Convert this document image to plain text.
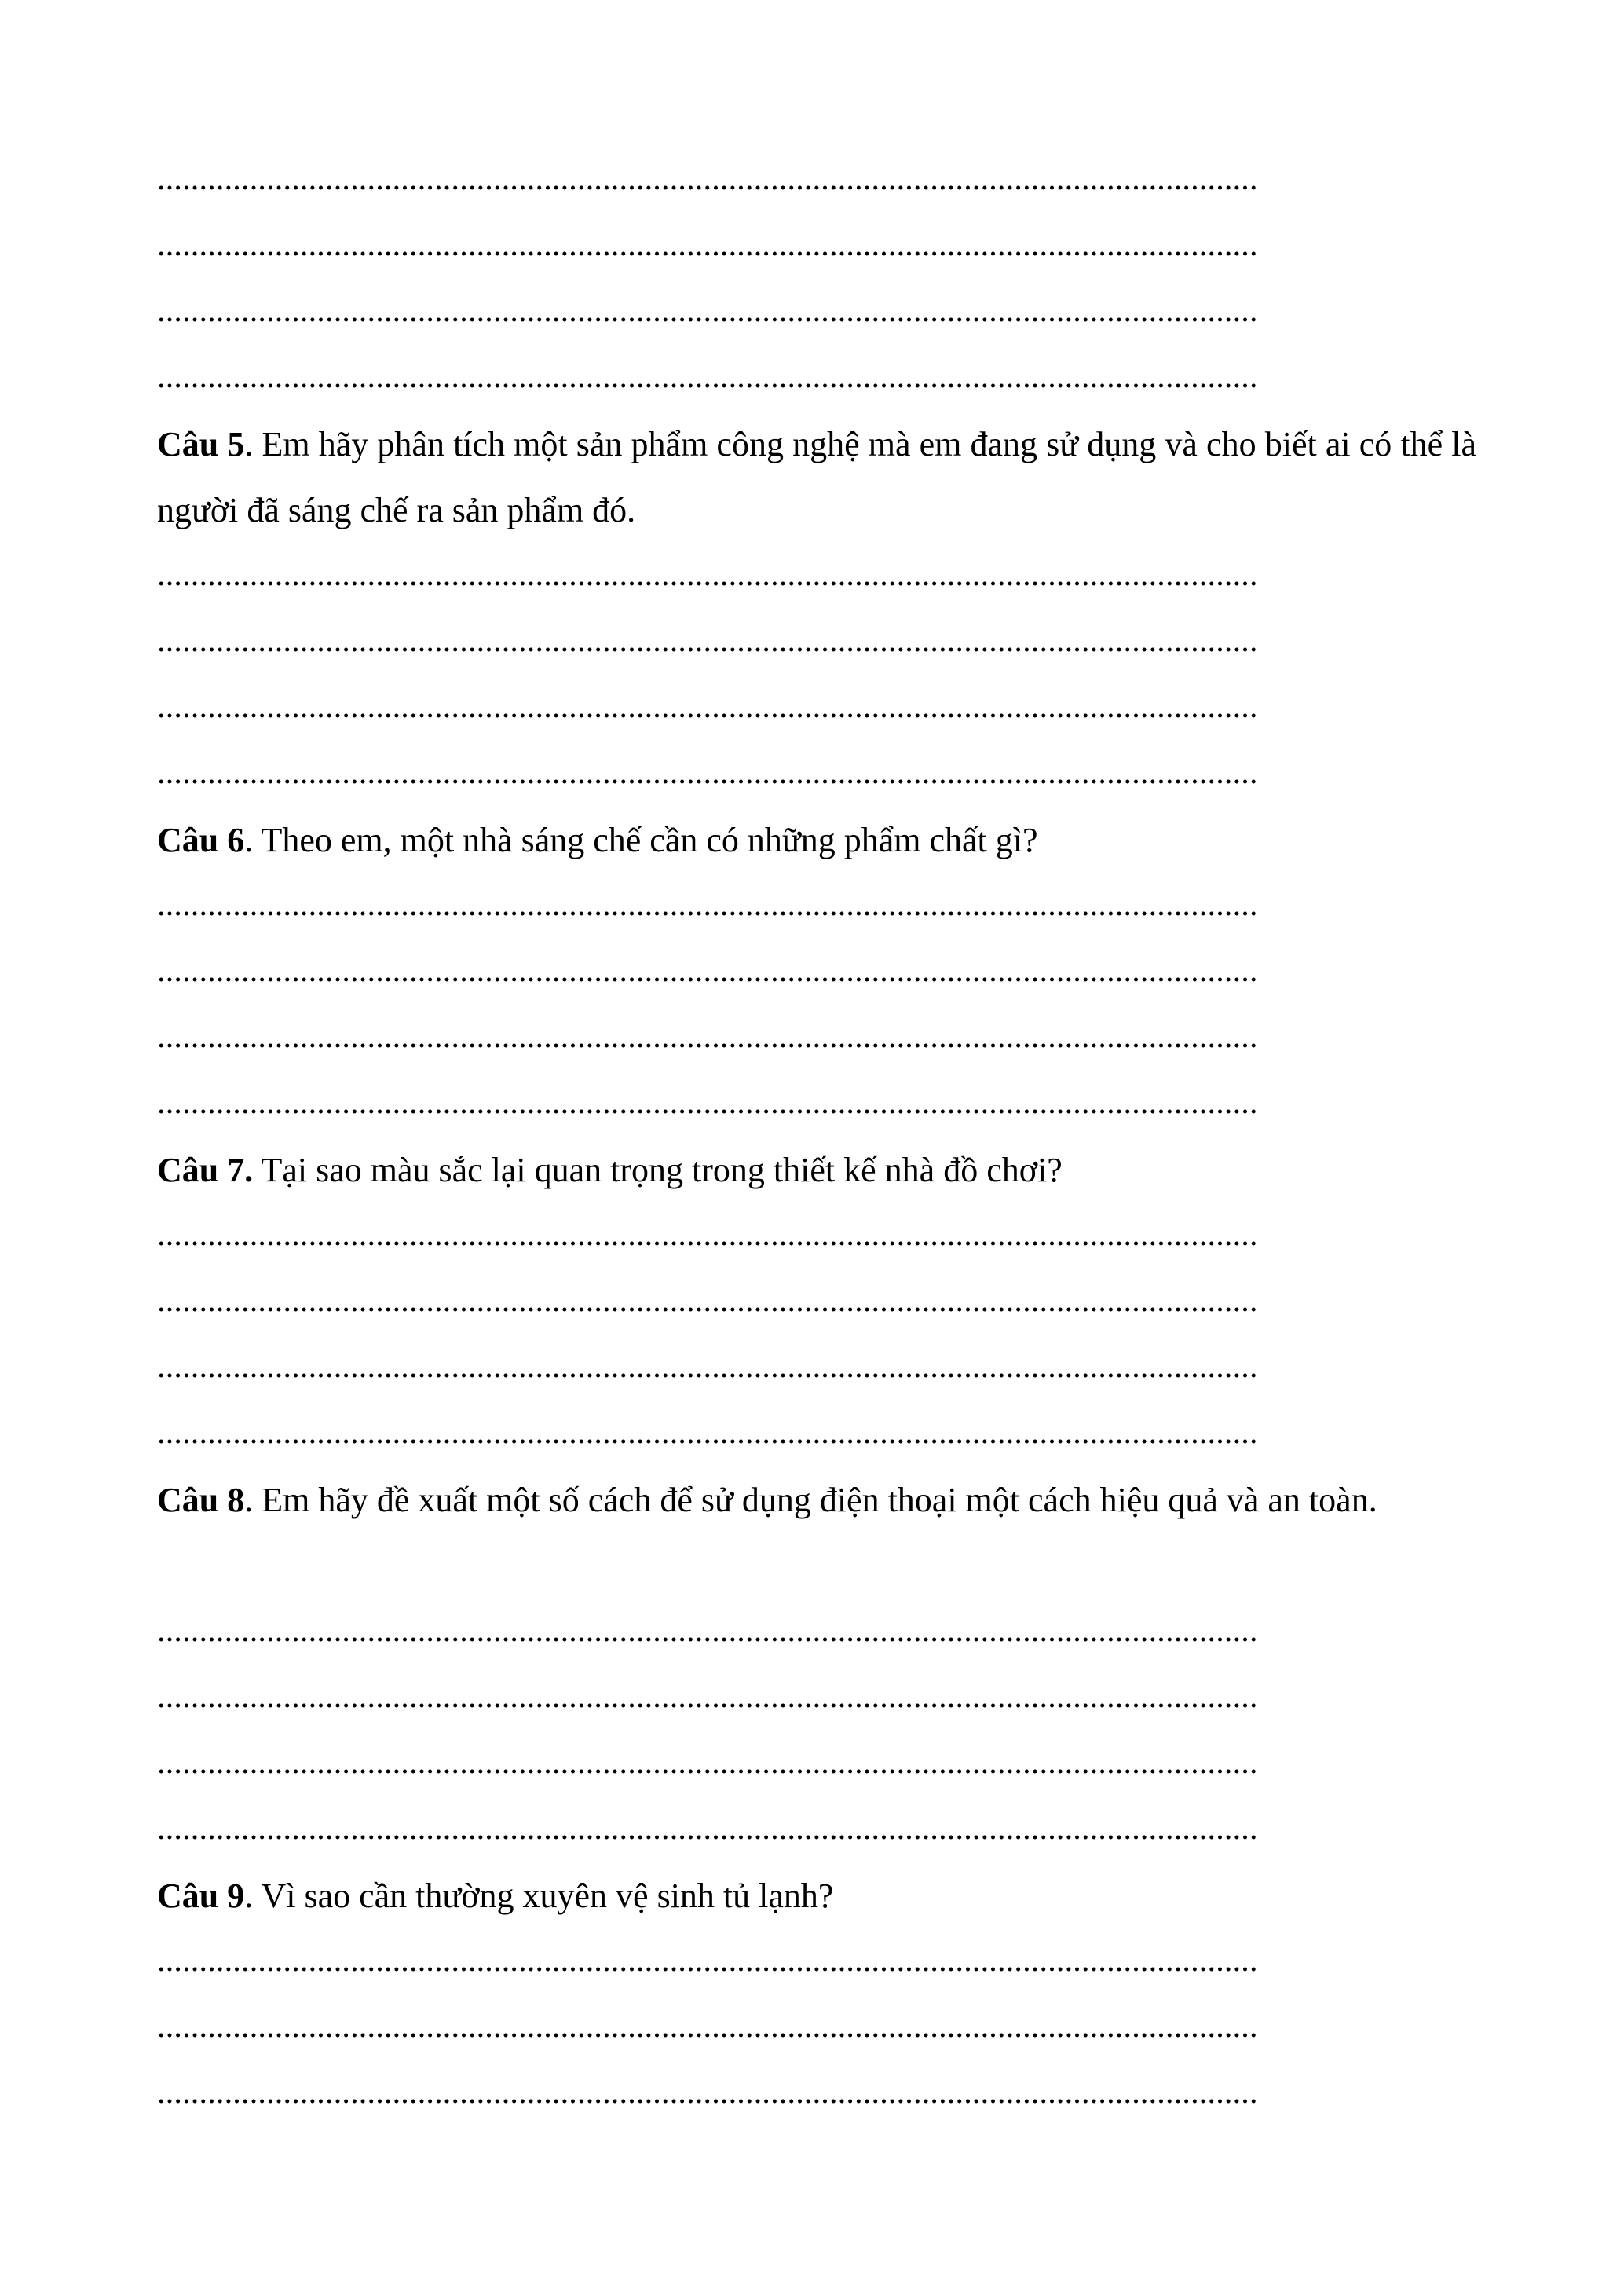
...................................................................................................................................
...................................................................................................................................
...................................................................................................................................
...................................................................................................................................
Câu 5. Em hãy phân tích một sản phẩm công nghệ mà em đang sử dụng và cho biết ai có thể là người đã sáng chế ra sản phẩm đó.
...................................................................................................................................
...................................................................................................................................
...................................................................................................................................
...................................................................................................................................
Câu 6. Theo em, một nhà sáng chế cần có những phẩm chất gì?
...................................................................................................................................
...................................................................................................................................
...................................................................................................................................
...................................................................................................................................
Câu 7. Tại sao màu sắc lại quan trọng trong thiết kế nhà đồ chơi?
...................................................................................................................................
...................................................................................................................................
...................................................................................................................................
...................................................................................................................................
Câu 8. Em hãy đề xuất một số cách để sử dụng điện thoại một cách hiệu quả và an toàn.
...................................................................................................................................
...................................................................................................................................
...................................................................................................................................
...................................................................................................................................
Câu 9. Vì sao cần thường xuyên vệ sinh tủ lạnh?
...................................................................................................................................
...................................................................................................................................
...................................................................................................................................
